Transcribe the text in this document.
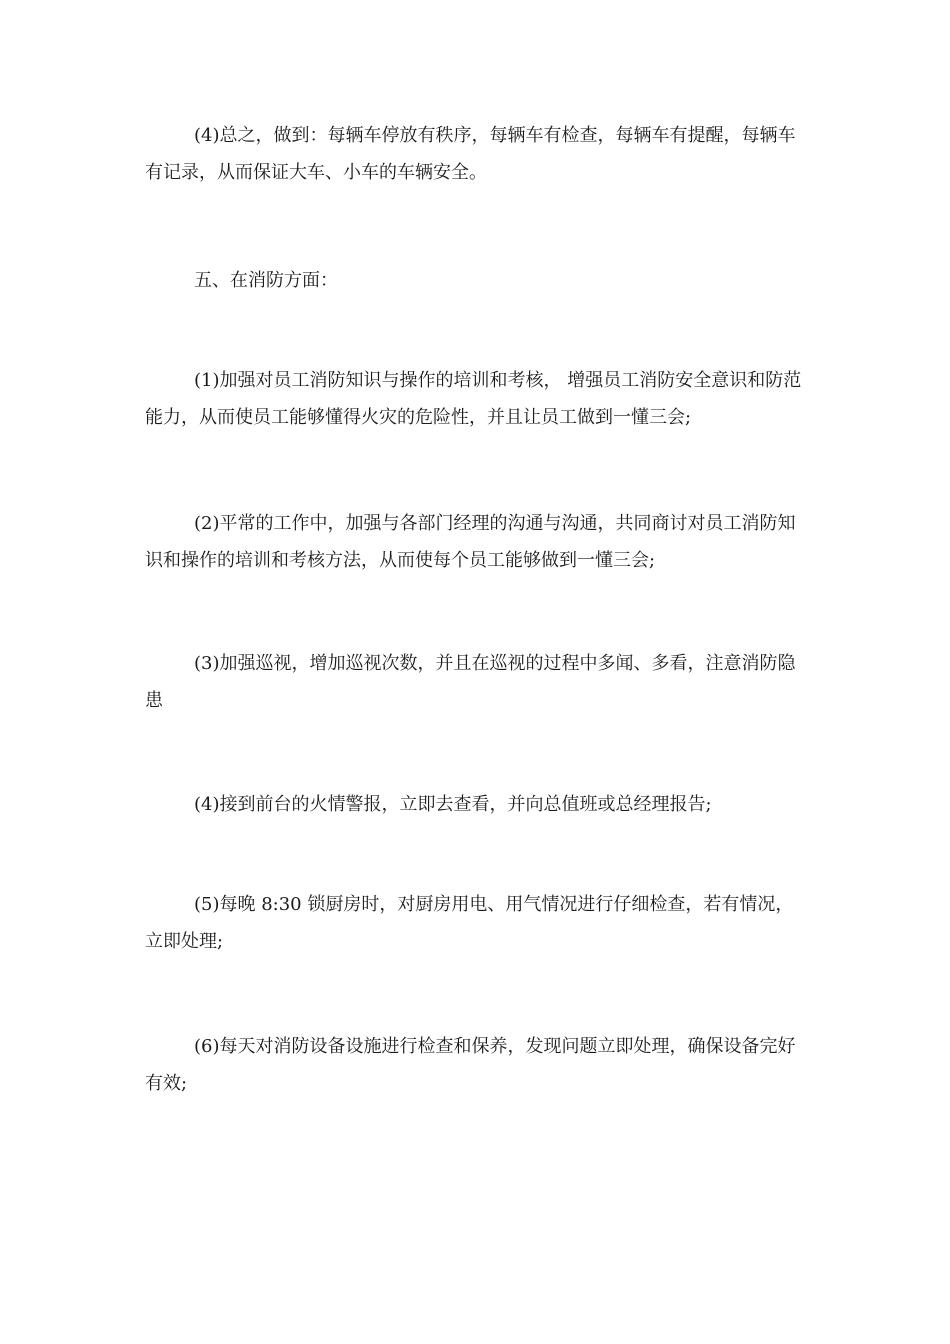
(4)总之，做到：每辆车停放有秩序，每辆车有检查，每辆车有提醒，每辆车有记录，从而保证大车、小车的车辆安全。

五、在消防方面：

(1)加强对员工消防知识与操作的培训和考核， 增强员工消防安全意识和防范能力，从而使员工能够懂得火灾的危险性，并且让员工做到一懂三会;

(2)平常的工作中，加强与各部门经理的沟通与沟通，共同商讨对员工消防知识和操作的培训和考核方法，从而使每个员工能够做到一懂三会;

(3)加强巡视，增加巡视次数，并且在巡视的过程中多闻、多看，注意消防隐患

(4)接到前台的火情警报，立即去查看，并向总值班或总经理报告;

(5)每晚 8:30 锁厨房时，对厨房用电、用气情况进行仔细检查，若有情况，立即处理;

(6)每天对消防设备设施进行检查和保养，发现问题立即处理，确保设备完好有效;
